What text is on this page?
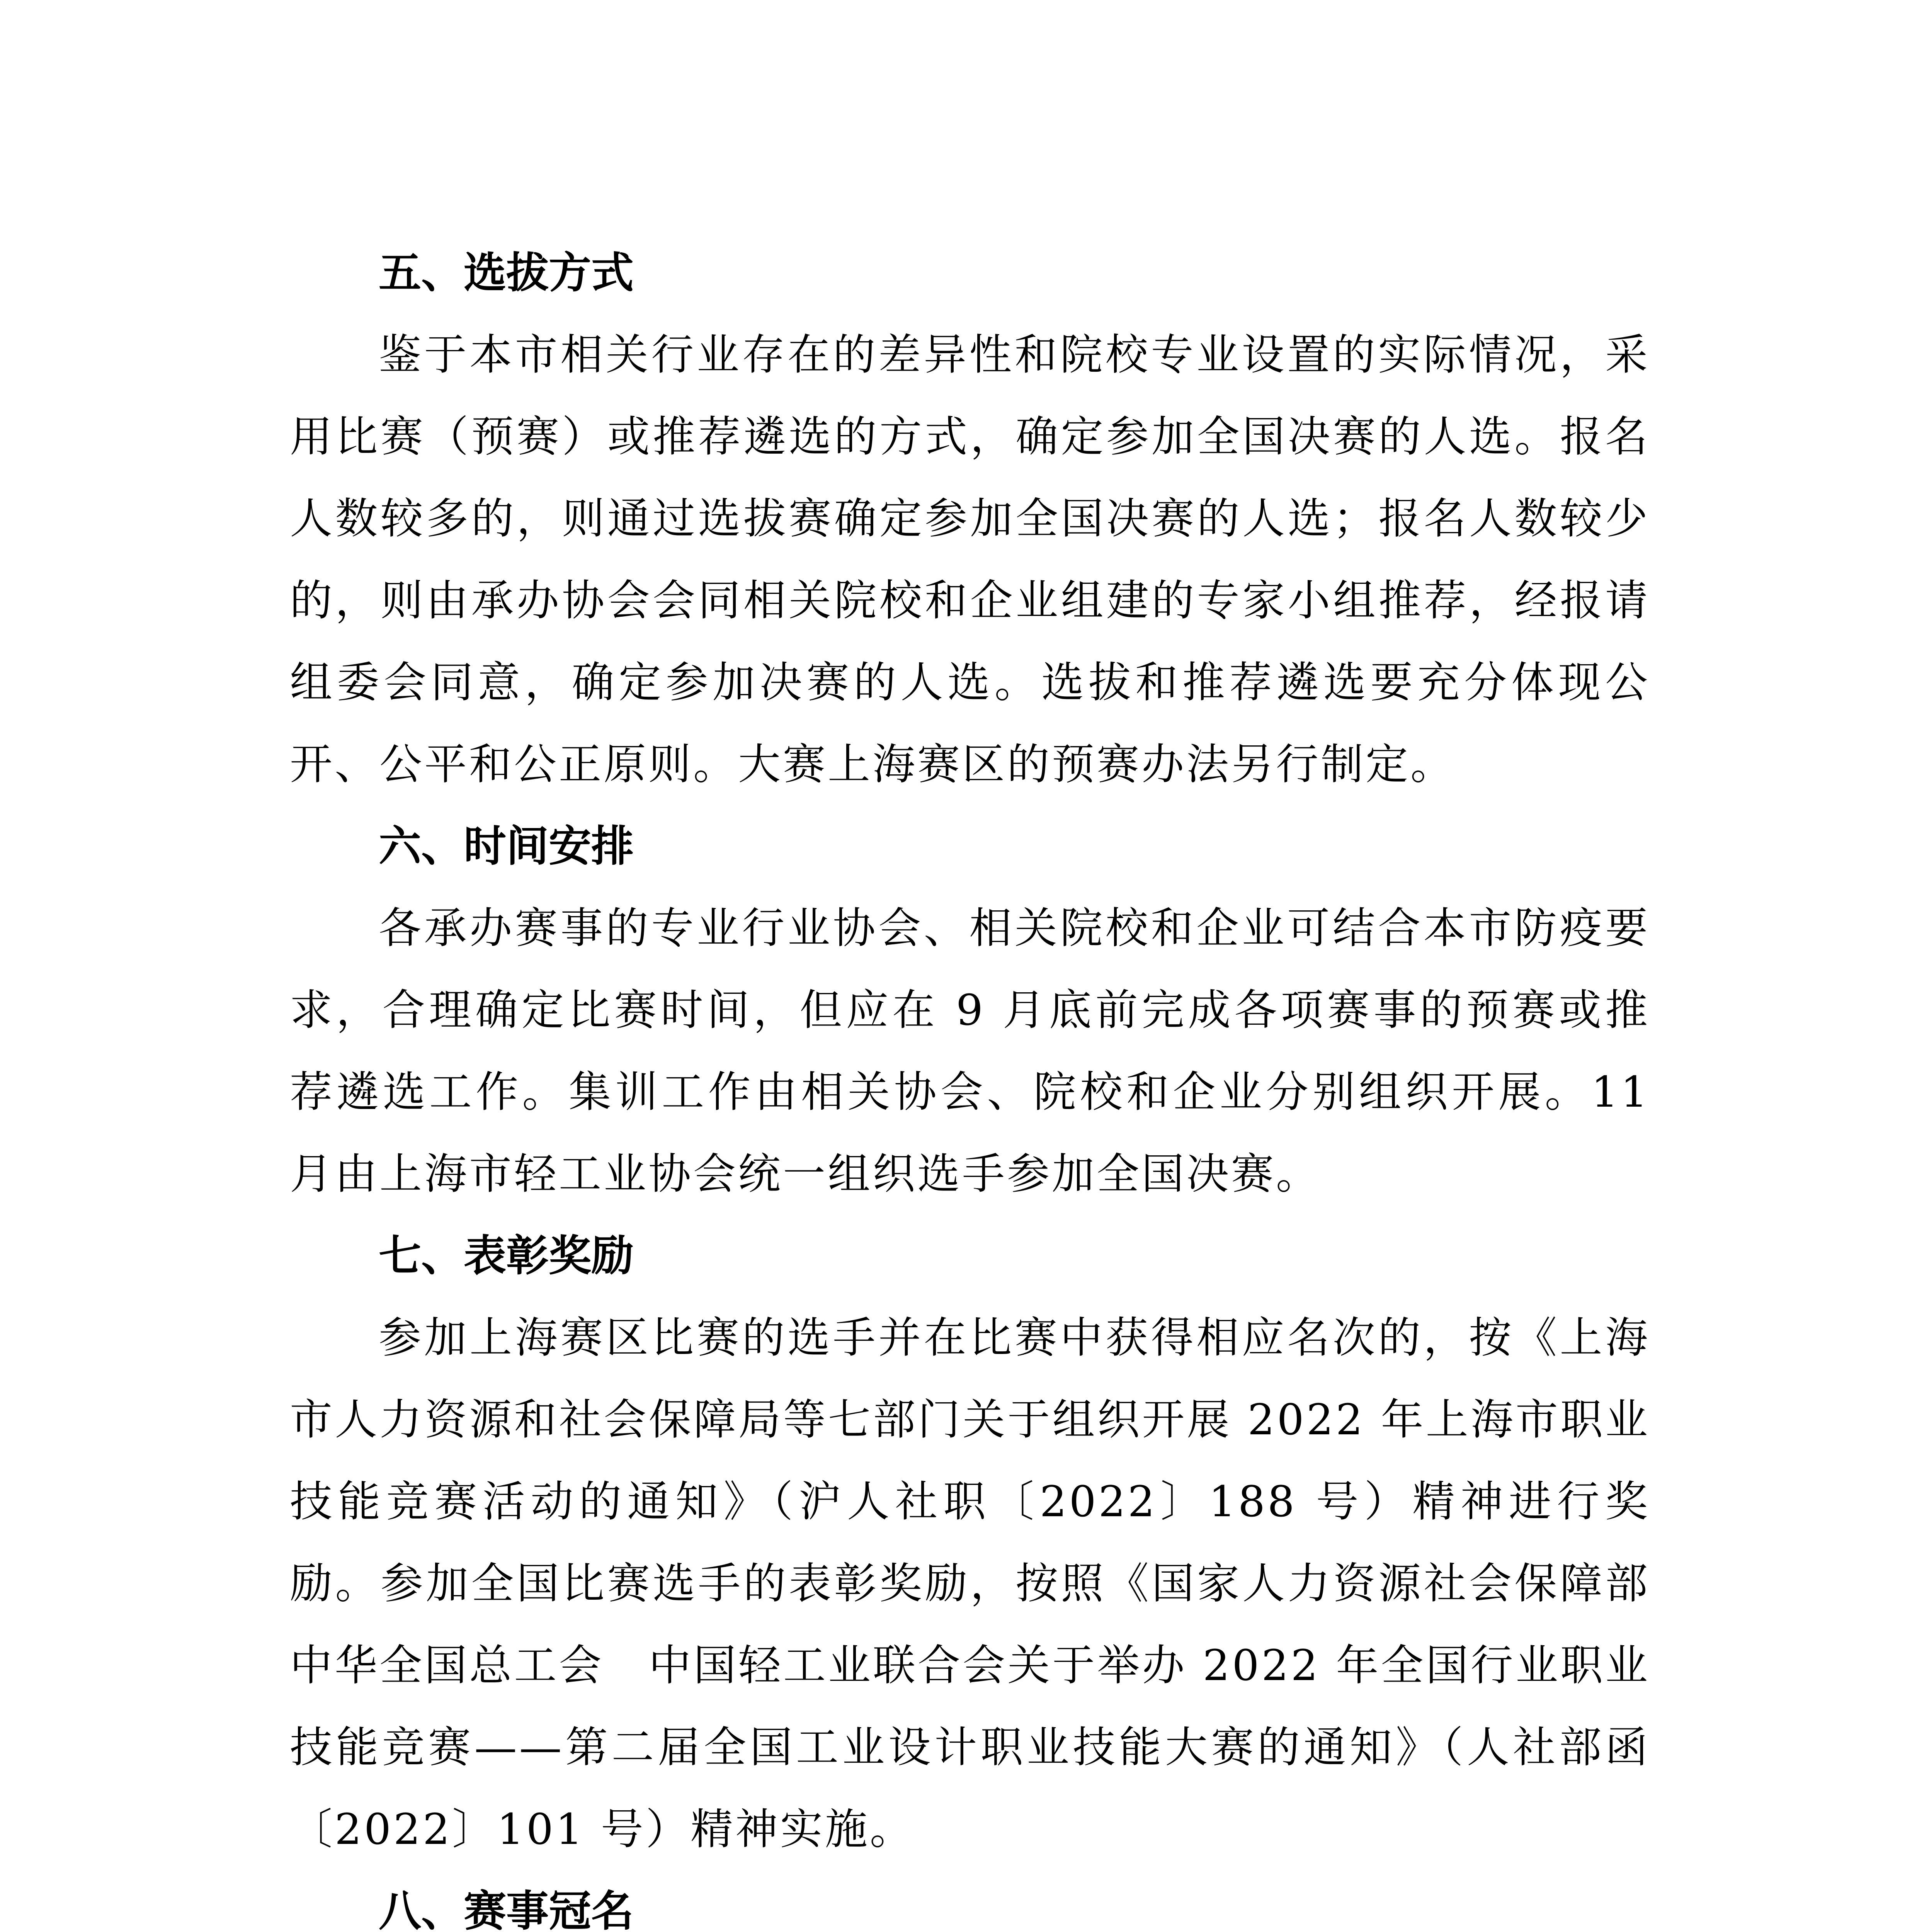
五、选拔方式

鉴于本市相关行业存在的差异性和院校专业设置的实际情况，采用比赛（预赛）或推荐遴选的方式，确定参加全国决赛的人选。报名人数较多的，则通过选拔赛确定参加全国决赛的人选；报名人数较少的，则由承办协会会同相关院校和企业组建的专家小组推荐，经报请组委会同意，确定参加决赛的人选。选拔和推荐遴选要充分体现公开、公平和公正原则。大赛上海赛区的预赛办法另行制定。

六、时间安排

各承办赛事的专业行业协会、相关院校和企业可结合本市防疫要求，合理确定比赛时间，但应在 9 月底前完成各项赛事的预赛或推荐遴选工作。集训工作由相关协会、院校和企业分别组织开展。11 月由上海市轻工业协会统一组织选手参加全国决赛。

七、表彰奖励

参加上海赛区比赛的选手并在比赛中获得相应名次的，按《上海市人力资源和社会保障局等七部门关于组织开展 2022 年上海市职业技能竞赛活动的通知》（沪人社职〔2022〕188 号）精神进行奖励。参加全国比赛选手的表彰奖励，按照《国家人力资源社会保障部　中华全国总工会　中国轻工业联合会关于举办 2022 年全国行业职业技能竞赛——第二届全国工业设计职业技能大赛的通知》（人社部函〔2022〕101 号）精神实施。

八、赛事冠名
